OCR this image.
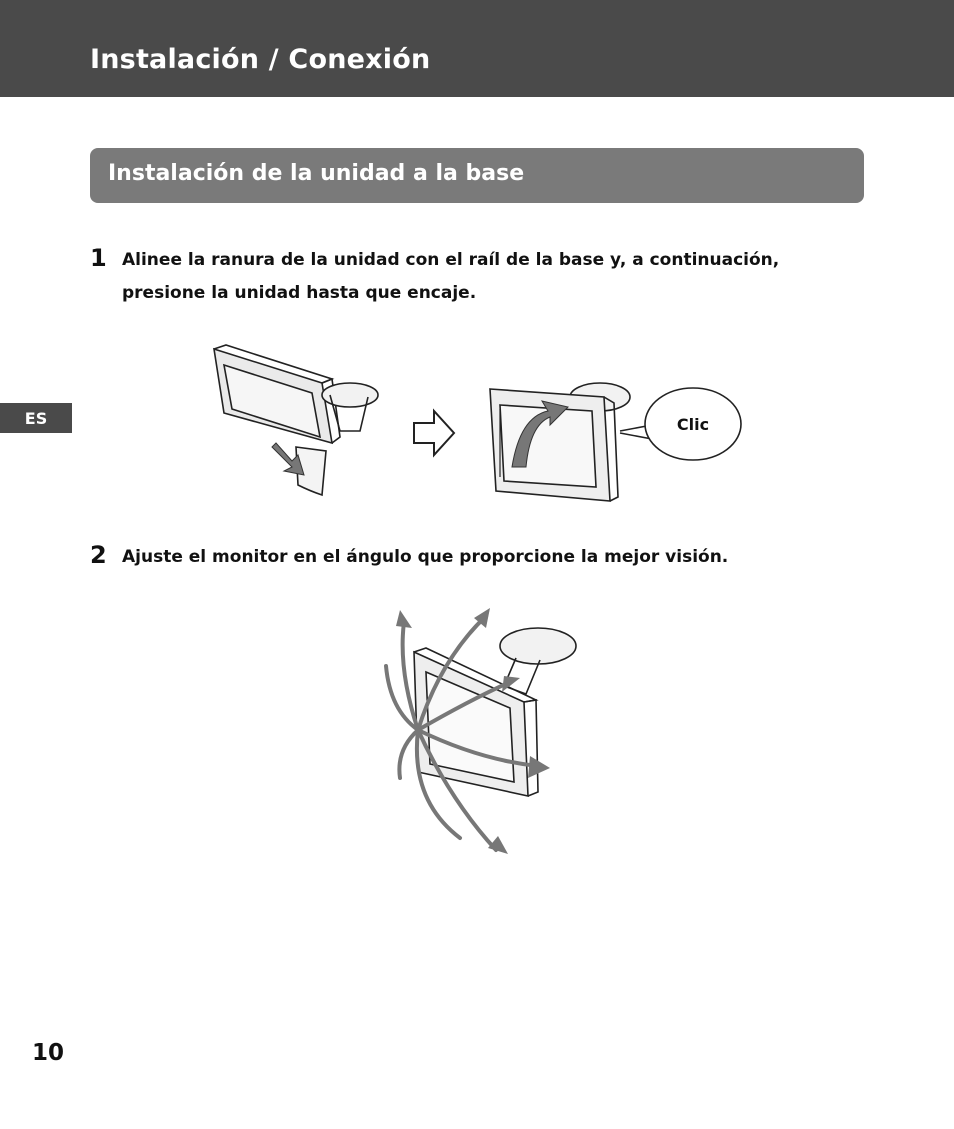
Instalación / Conexión
Instalación de la unidad a la base
1 Alinee la ranura de la unidad con el raíl de la base y, a continuación,
presione la unidad hasta que encaje.
Clic
ES
2 Ajuste el monitor en el ángulo que proporcione la mejor visión.
10
